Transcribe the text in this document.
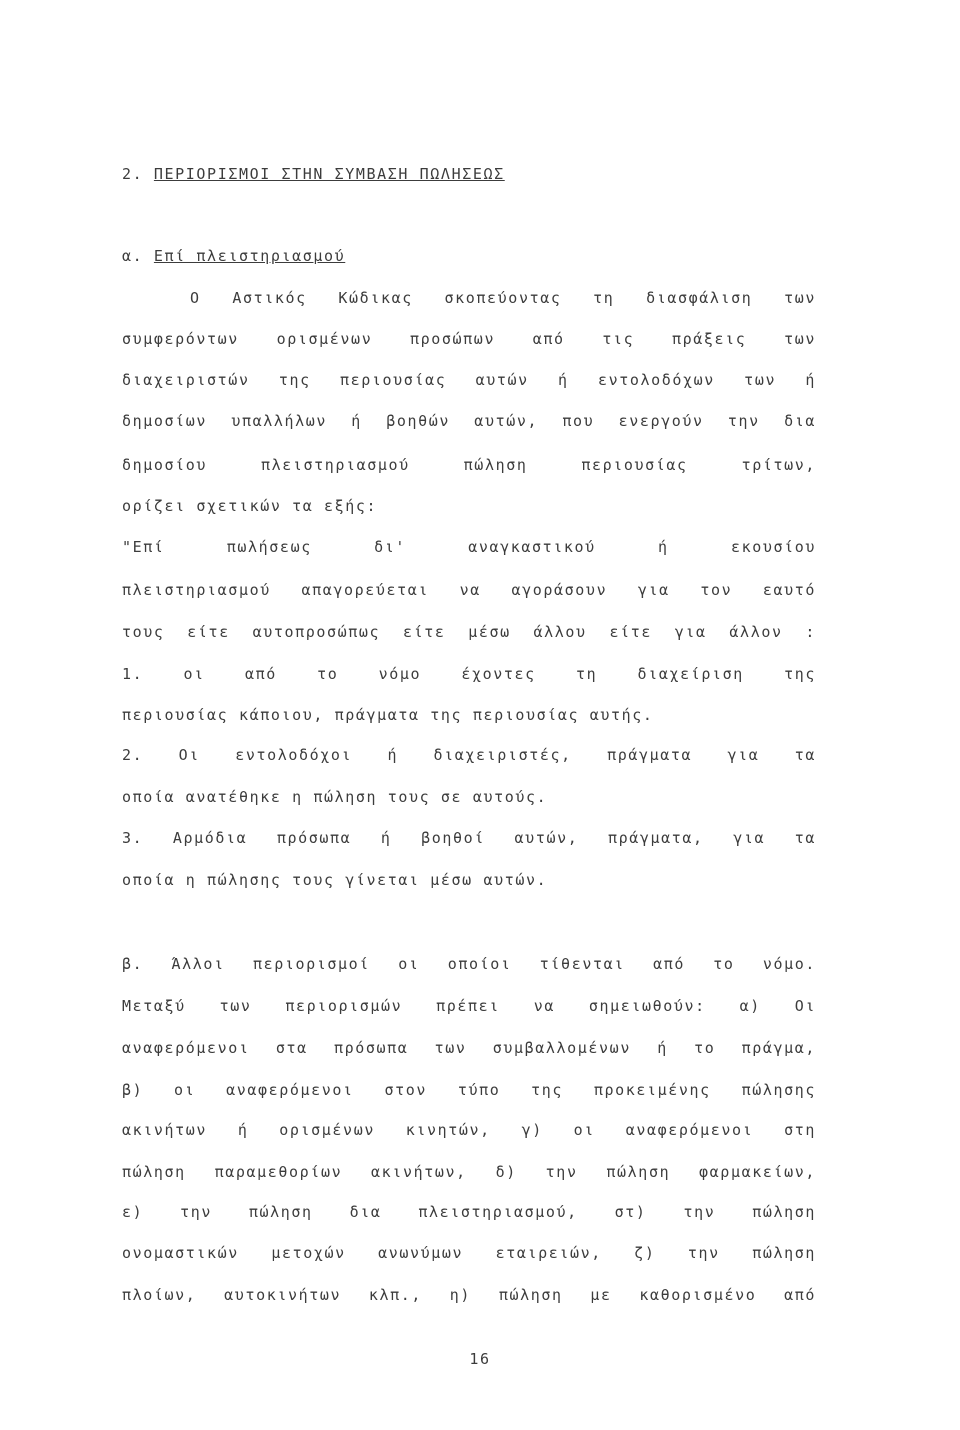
2. ΠΕΡΙΟΡΙΣΜΟΙ ΣΤΗΝ ΣΥΜΒΑΣΗ ΠΩΛΗΣΕΩΣ
α. Επί πλειστηριασμού
Ο Αστικός Κώδικας σκοπεύοντας τη διασφάλιση των
συμφερόντων ορισμένων προσώπων από τις πράξεις των
διαχειριστών της περιουσίας αυτών ή εντολοδόχων των ή
δημοσίων υπαλλήλων ή βοηθών αυτών, που ενεργούν την δια
δημοσίου πλειστηριασμού πώληση περιουσίας τρίτων,
ορίζει σχετικών τα εξής:
"Επί πωλήσεως δι' αναγκαστικού ή εκουσίου
πλειστηριασμού απαγορεύεται να αγοράσουν για τον εαυτό
τους είτε αυτοπροσώπως είτε μέσω άλλου είτε για άλλον :
1. οι από το νόμο έχοντες τη διαχείριση της
περιουσίας κάποιου, πράγματα της περιουσίας αυτής.
2. Οι εντολοδόχοι ή διαχειριστές, πράγματα για τα
οποία ανατέθηκε η πώληση τους σε αυτούς.
3. Αρμόδια πρόσωπα ή βοηθοί αυτών, πράγματα, για τα
οποία η πώλησης τους γίνεται μέσω αυτών.
β. Άλλοι περιορισμοί οι οποίοι τίθενται από το νόμο.
Μεταξύ των περιορισμών πρέπει να σημειωθούν: α) Οι
αναφερόμενοι στα πρόσωπα των συμβαλλομένων ή το πράγμα,
β) οι αναφερόμενοι στον τύπο της προκειμένης πώλησης
ακινήτων ή ορισμένων κινητών, γ) οι αναφερόμενοι στη
πώληση παραμεθορίων ακινήτων, δ) την πώληση φαρμακείων,
ε) την πώληση δια πλειστηριασμού, στ) την πώληση
ονομαστικών μετοχών ανωνύμων εταιρειών, ζ) την πώληση
πλοίων, αυτοκινήτων κλπ., η) πώληση με καθορισμένο από
16
